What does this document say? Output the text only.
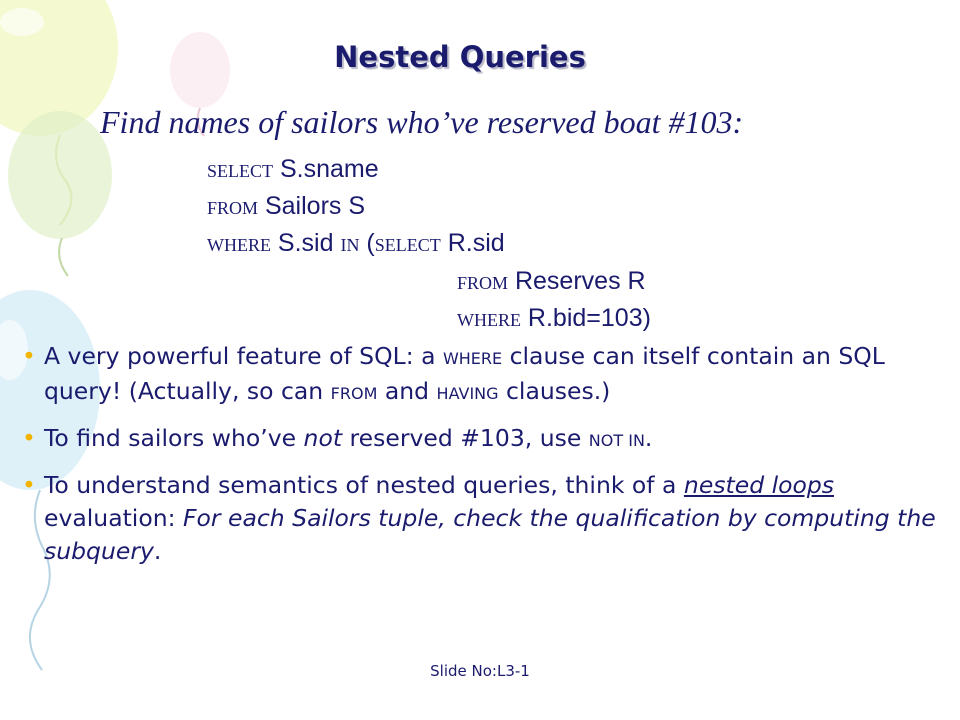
Nested Queries
Find names of sailors who’ve reserved boat #103:
SELECT S.sname
FROM Sailors S
WHERE S.sid IN (SELECT R.sid
FROM Reserves R
WHERE R.bid=103)
• A very powerful feature of SQL: a WHERE clause can itself contain an SQL query! (Actually, so can FROM and HAVING clauses.)
• To find sailors who’ve not reserved #103, use NOT IN.
• To understand semantics of nested queries, think of a nested loops evaluation: For each Sailors tuple, check the qualification by computing the subquery.
Slide No:L3-1
